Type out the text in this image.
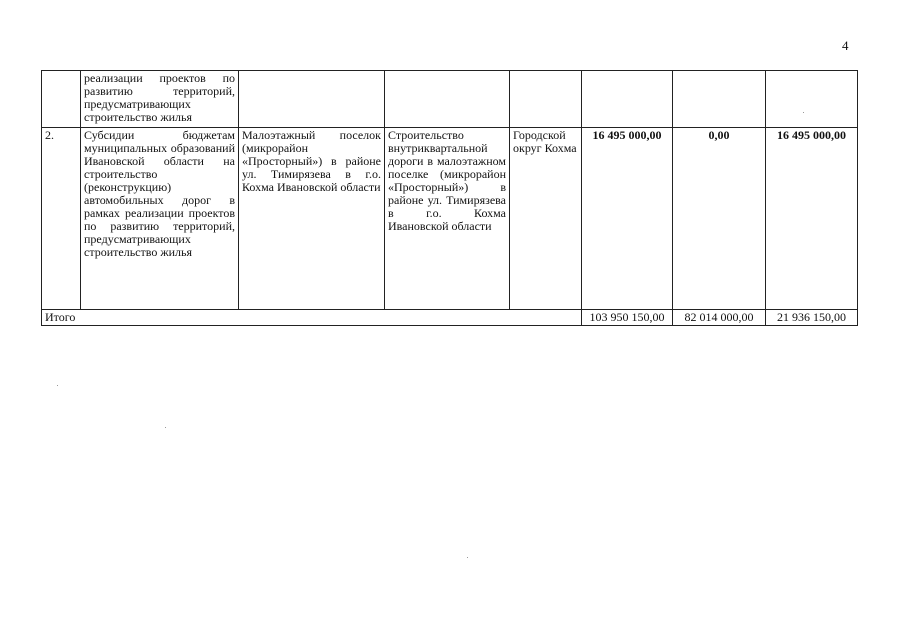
4
	реализации проектов по развитию территорий, предусматривающих строительство жилья						
2.	Субсидии бюджетам муниципальных образований Ивановской области на строительство (реконструкцию) автомобильных дорог в рамках реализации проектов по развитию территорий, предусматривающих строительство жилья	Малоэтажный поселок (микрорайон «Просторный») в районе ул. Тимирязева в г.о. Кохма Ивановской области	Строительство внутриквартальной дороги в малоэтажном поселке (микрорайон «Просторный») в районе ул. Тимирязева в г.о. Кохма Ивановской области	Городской округ Кохма	16 495 000,00	0,00	16 495 000,00
Итого					103 950 150,00	82 014 000,00	21 936 150,00
